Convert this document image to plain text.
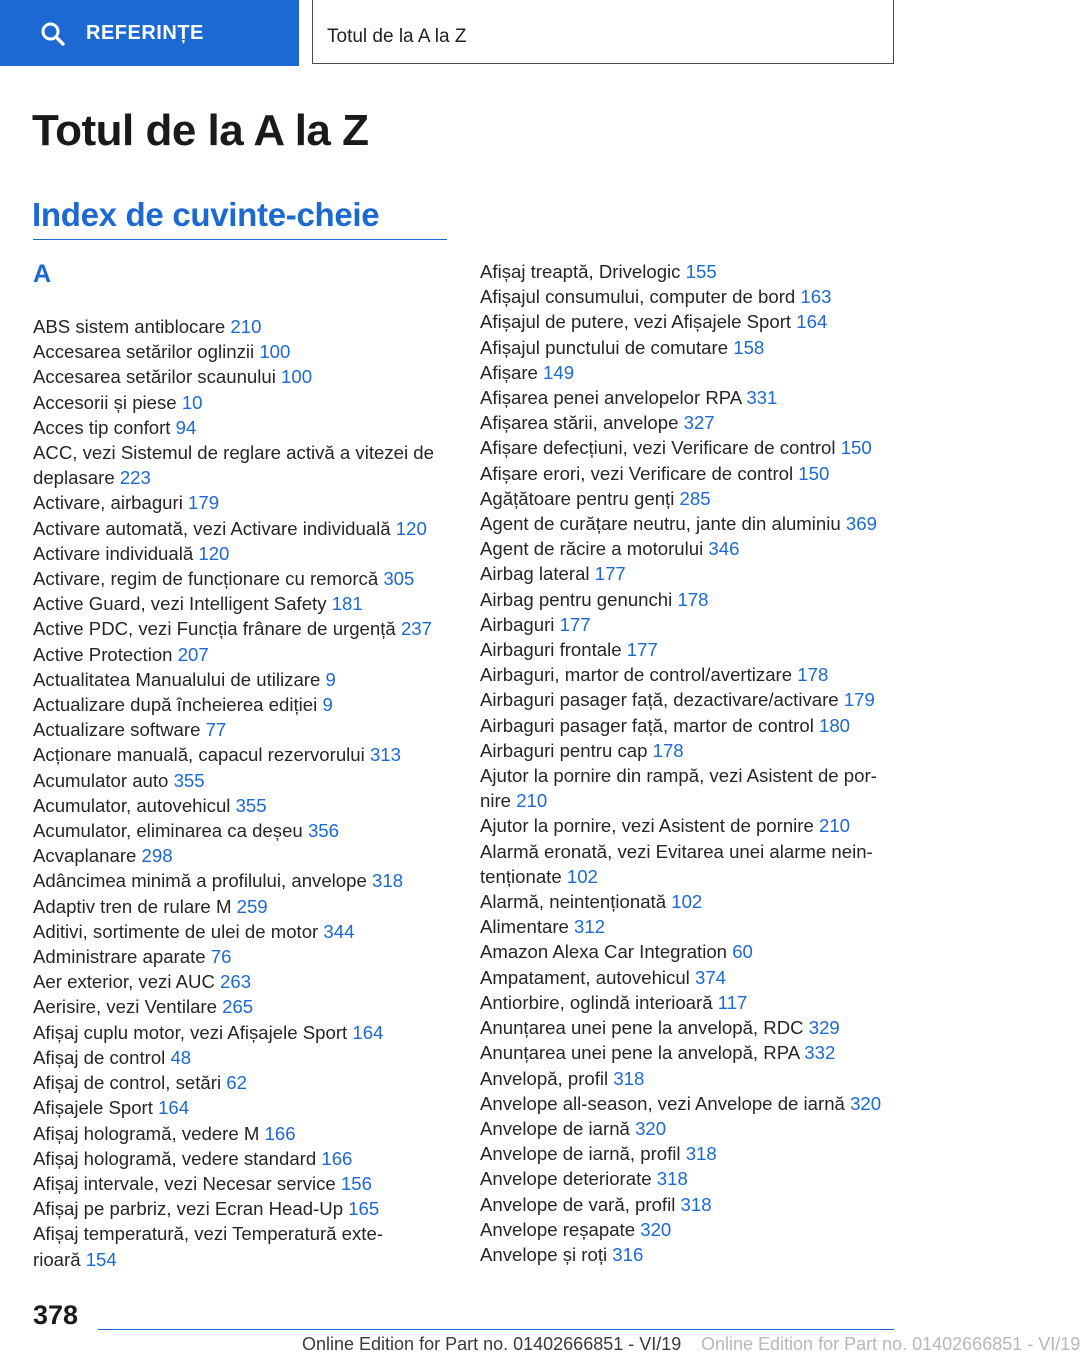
REFERINȚE	Totul de la A la Z
Totul de la A la Z
Index de cuvinte-cheie
A
ABS sistem antiblocare 210
Accesarea setărilor oglinzii 100
Accesarea setărilor scaunului 100
Accesorii și piese 10
Acces tip confort 94
ACC, vezi Sistemul de reglare activă a vitezei de
deplasare 223
Activare, airbaguri 179
Activare automată, vezi Activare individuală 120
Activare individuală 120
Activare, regim de funcționare cu remorcă 305
Active Guard, vezi Intelligent Safety 181
Active PDC, vezi Funcția frânare de urgență 237
Active Protection 207
Actualitatea Manualului de utilizare 9
Actualizare după încheierea ediției 9
Actualizare software 77
Acționare manuală, capacul rezervorului 313
Acumulator auto 355
Acumulator, autovehicul 355
Acumulator, eliminarea ca deșeu 356
Acvaplanare 298
Adâncimea minimă a profilului, anvelope 318
Adaptiv tren de rulare M 259
Aditivi, sortimente de ulei de motor 344
Administrare aparate 76
Aer exterior, vezi AUC 263
Aerisire, vezi Ventilare 265
Afișaj cuplu motor, vezi Afișajele Sport 164
Afișaj de control 48
Afișaj de control, setări 62
Afișajele Sport 164
Afișaj hologramă, vedere M 166
Afișaj hologramă, vedere standard 166
Afișaj intervale, vezi Necesar service 156
Afișaj pe parbriz, vezi Ecran Head-Up 165
Afișaj temperatură, vezi Temperatură exte-
rioară 154
Afișaj treaptă, Drivelogic 155
Afișajul consumului, computer de bord 163
Afișajul de putere, vezi Afișajele Sport 164
Afișajul punctului de comutare 158
Afișare 149
Afișarea penei anvelopelor RPA 331
Afișarea stării, anvelope 327
Afișare defecțiuni, vezi Verificare de control 150
Afișare erori, vezi Verificare de control 150
Agățătoare pentru genți 285
Agent de curățare neutru, jante din aluminiu 369
Agent de răcire a motorului 346
Airbag lateral 177
Airbag pentru genunchi 178
Airbaguri 177
Airbaguri frontale 177
Airbaguri, martor de control/avertizare 178
Airbaguri pasager față, dezactivare/activare 179
Airbaguri pasager față, martor de control 180
Airbaguri pentru cap 178
Ajutor la pornire din rampă, vezi Asistent de por-
nire 210
Ajutor la pornire, vezi Asistent de pornire 210
Alarmă eronată, vezi Evitarea unei alarme nein-
tenționate 102
Alarmă, neintenționată 102
Alimentare 312
Amazon Alexa Car Integration 60
Ampatament, autovehicul 374
Antiorbire, oglindă interioară 117
Anunțarea unei pene la anvelopă, RDC 329
Anunțarea unei pene la anvelopă, RPA 332
Anvelopă, profil 318
Anvelope all-season, vezi Anvelope de iarnă 320
Anvelope de iarnă 320
Anvelope de iarnă, profil 318
Anvelope deteriorate 318
Anvelope de vară, profil 318
Anvelope reșapate 320
Anvelope și roți 316
378
Online Edition for Part no. 01402666851 - VI/19 Online Edition for Part no. 01402666851 - VI/19
